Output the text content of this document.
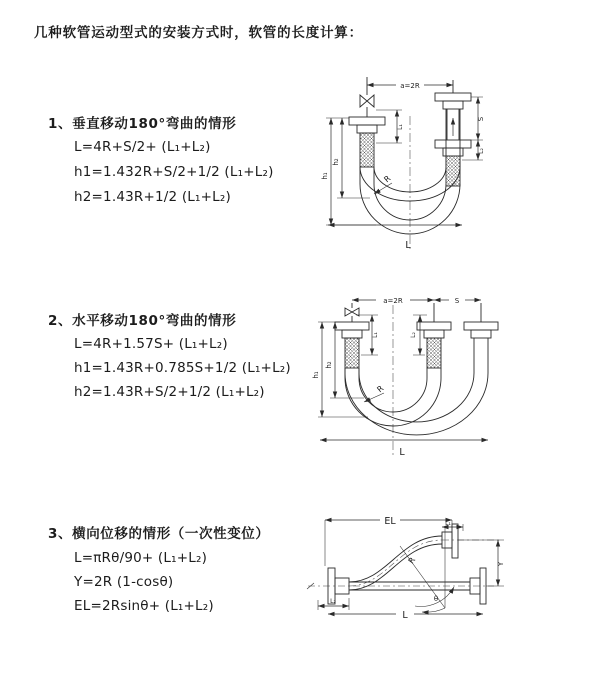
几种软管运动型式的安装方式时，软管的长度计算：
1、垂直移动180°弯曲的情形
L=4R+S/2+ (L₁+L₂)
h1=1.432R+S/2+1/2 (L₁+L₂)
h2=1.43R+1/2 (L₁+L₂)
2、水平移动180°弯曲的情形
L=4R+1.57S+ (L₁+L₂)
h1=1.43R+0.785S+1/2 (L₁+L₂)
h2=1.43R+S/2+1/2 (L₁+L₂)
3、横向位移的情形（一次性变位）
L=πRθ/90+ (L₁+L₂)
Y=2R (1-cosθ)
EL=2Rsinθ+ (L₁+L₂)
a=2R
h₁
h₂
L
S
L₂
L₁
R
a=2R	S
h₁
h₂
L
L₁	L₂
R
EL	L₁
Y
L
L₂
R
θ
